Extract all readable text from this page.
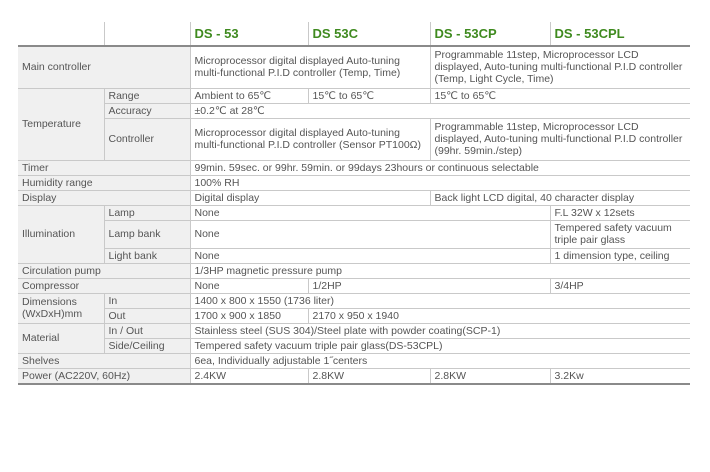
		DS - 53	DS 53C	DS - 53CP	DS - 53CPL
Main controller		Microprocessor digital displayed Auto-tuning multi-functional P.I.D controller (Temp, Time)		Programmable 11step, Microprocessor LCD displayed, Auto-tuning multi-functional P.I.D controller (Temp, Light Cycle, Time)	
Temperature	Range	Ambient to 65℃	15℃ to 65℃	15℃ to 65℃	
	Accuracy	±0.2℃ at 28℃			
	Controller	Microprocessor digital displayed Auto-tuning multi-functional P.I.D controller (Sensor PT100Ω)		Programmable 11step, Microprocessor LCD displayed, Auto-tuning multi-functional P.I.D controller (99hr. 59min./step)	
Timer		99min. 59sec. or 99hr. 59min. or 99days 23hours or continuous selectable			
Humidity range		100% RH			
Display		Digital display		Back light LCD digital, 40 character display	
Illumination	Lamp	None			F.L 32W x 12sets
	Lamp bank	None			Tempered safety vacuum triple pair glass
	Light bank	None			1 dimension type, ceiling
Circulation pump		1/3HP magnetic pressure pump			
Compressor		None	1/2HP		3/4HP
Dimensions (WxDxH)mm	In	1400 x 800 x 1550 (1736 liter)			
	Out	1700 x 900 x 1850	2170 x 950 x 1940		
Material	In / Out	Stainless steel (SUS 304)/Steel plate with powder coating(SCP-1)			
	Side/Ceiling	Tempered safety vacuum triple pair glass(DS-53CPL)			
Shelves		6ea, Individually adjustable 1˝centers			
Power (AC220V, 60Hz)		2.4KW	2.8KW	2.8KW	3.2Kw
